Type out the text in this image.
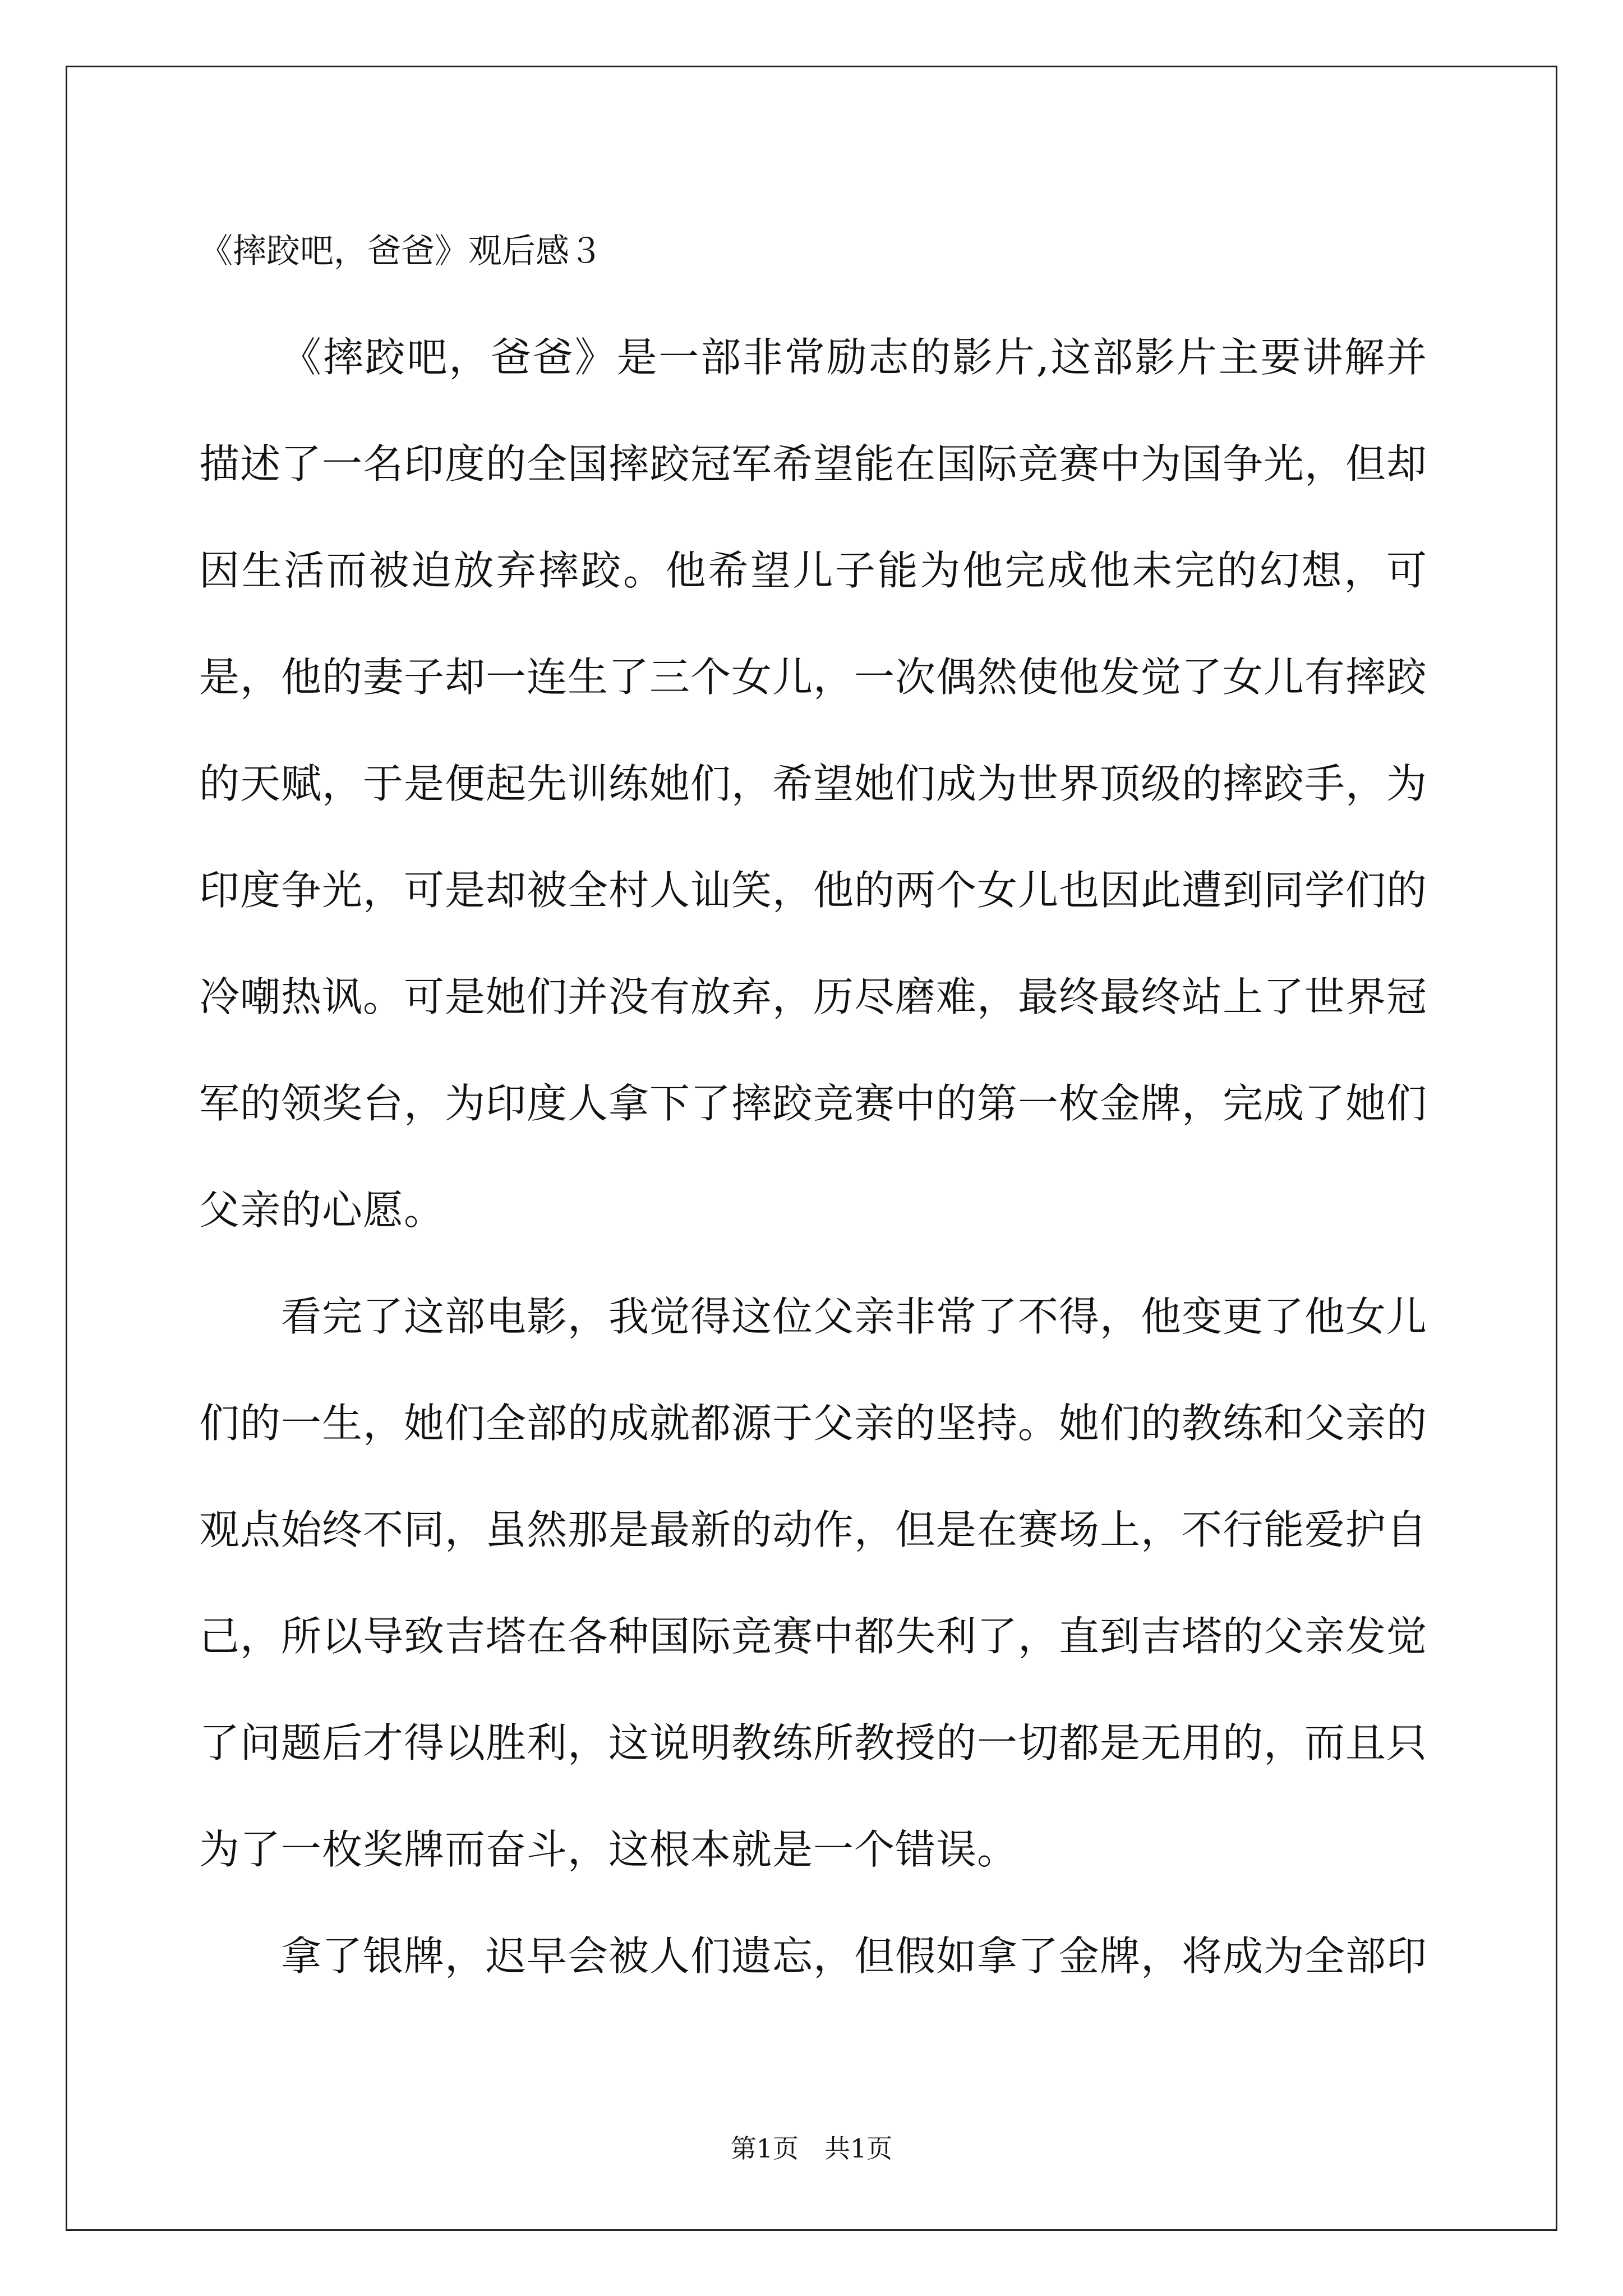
《摔跤吧，爸爸》观后感３

《摔跤吧，爸爸》是一部非常励志的影片,这部影片主要讲解并描述了一名印度的全国摔跤冠军希望能在国际竞赛中为国争光，但却因生活而被迫放弃摔跤。他希望儿子能为他完成他未完的幻想，可是，他的妻子却一连生了三个女儿，一次偶然使他发觉了女儿有摔跤的天赋，于是便起先训练她们，希望她们成为世界顶级的摔跤手，为印度争光，可是却被全村人讪笑，他的两个女儿也因此遭到同学们的冷嘲热讽。可是她们并没有放弃，历尽磨难，最终最终站上了世界冠军的领奖台，为印度人拿下了摔跤竞赛中的第一枚金牌，完成了她们父亲的心愿。

看完了这部电影，我觉得这位父亲非常了不得，他变更了他女儿们的一生，她们全部的成就都源于父亲的坚持。她们的教练和父亲的观点始终不同，虽然那是最新的动作，但是在赛场上，不行能爱护自己，所以导致吉塔在各种国际竞赛中都失利了，直到吉塔的父亲发觉了问题后才得以胜利，这说明教练所教授的一切都是无用的，而且只为了一枚奖牌而奋斗，这根本就是一个错误。

拿了银牌，迟早会被人们遗忘，但假如拿了金牌，将成为全部印

第1页　共1页
